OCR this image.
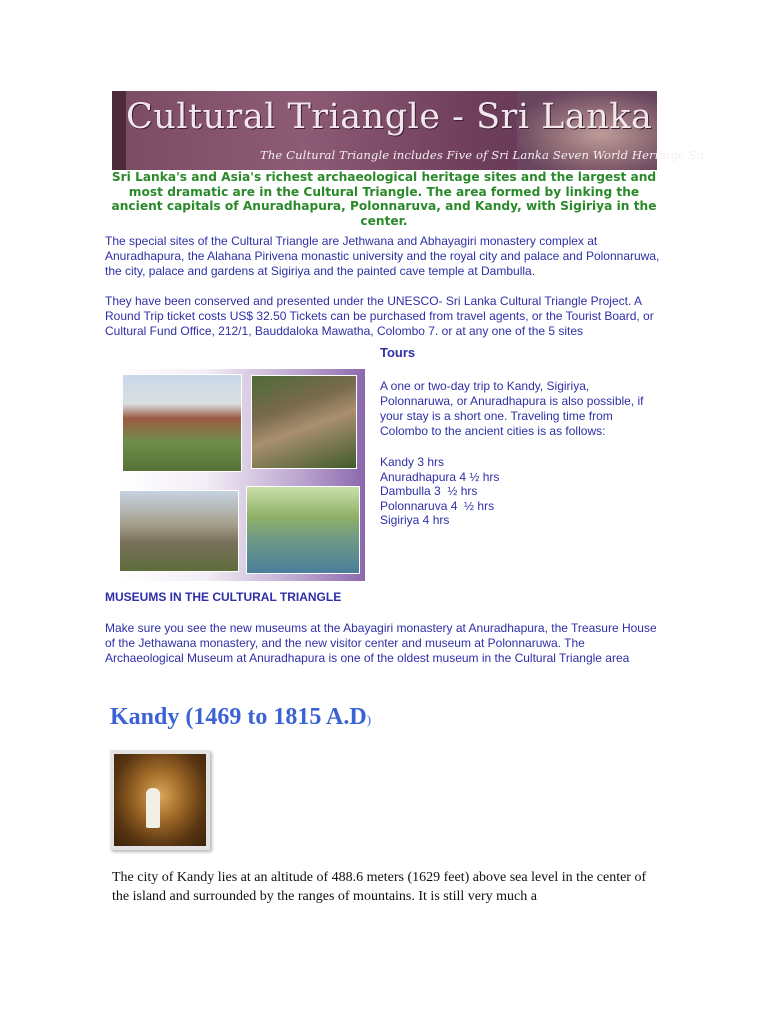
Cultural Triangle - Sri Lanka
The Cultural Triangle includes Five of Sri Lanka Seven World Heritage Sit

Sri Lanka's and Asia's richest archaeological heritage sites and the largest and most dramatic are in the Cultural Triangle. The area formed by linking the ancient capitals of Anuradhapura, Polonnaruva, and Kandy, with Sigiriya in the center.

The special sites of the Cultural Triangle are Jethwana and Abhayagiri monastery complex at Anuradhapura, the Alahana Pirivena monastic university and the royal city and palace and Polonnaruwa, the city, palace and gardens at Sigiriya and the painted cave temple at Dambulla.

They have been conserved and presented under the UNESCO- Sri Lanka Cultural Triangle Project. A Round Trip ticket costs US$ 32.50 Tickets can be purchased from travel agents, or the Tourist Board, or Cultural Fund Office, 212/1, Bauddaloka Mawatha, Colombo 7. or at any one of the 5 sites

Tours

A one or two-day trip to Kandy, Sigiriya, Polonnaruwa, or Anuradhapura is also possible, if your stay is a short one. Traveling time from Colombo to the ancient cities is as follows:

Kandy 3 hrs
Anuradhapura 4 ½ hrs
Dambulla 3  ½ hrs
Polonnaruva 4  ½ hrs
Sigiriya 4 hrs
MUSEUMS IN THE CULTURAL TRIANGLE

Make sure you see the new museums at the Abayagiri monastery at Anuradhapura, the Treasure House of the Jethawana monastery, and the new visitor center and museum at Polonnaruwa. The Archaeological Museum at Anuradhapura is one of the oldest museum in the Cultural Triangle area

Kandy (1469 to 1815 A.D)

The city of Kandy lies at an altitude of 488.6 meters (1629 feet) above sea level in the center of the island and surrounded by the ranges of mountains. It is still very much a
